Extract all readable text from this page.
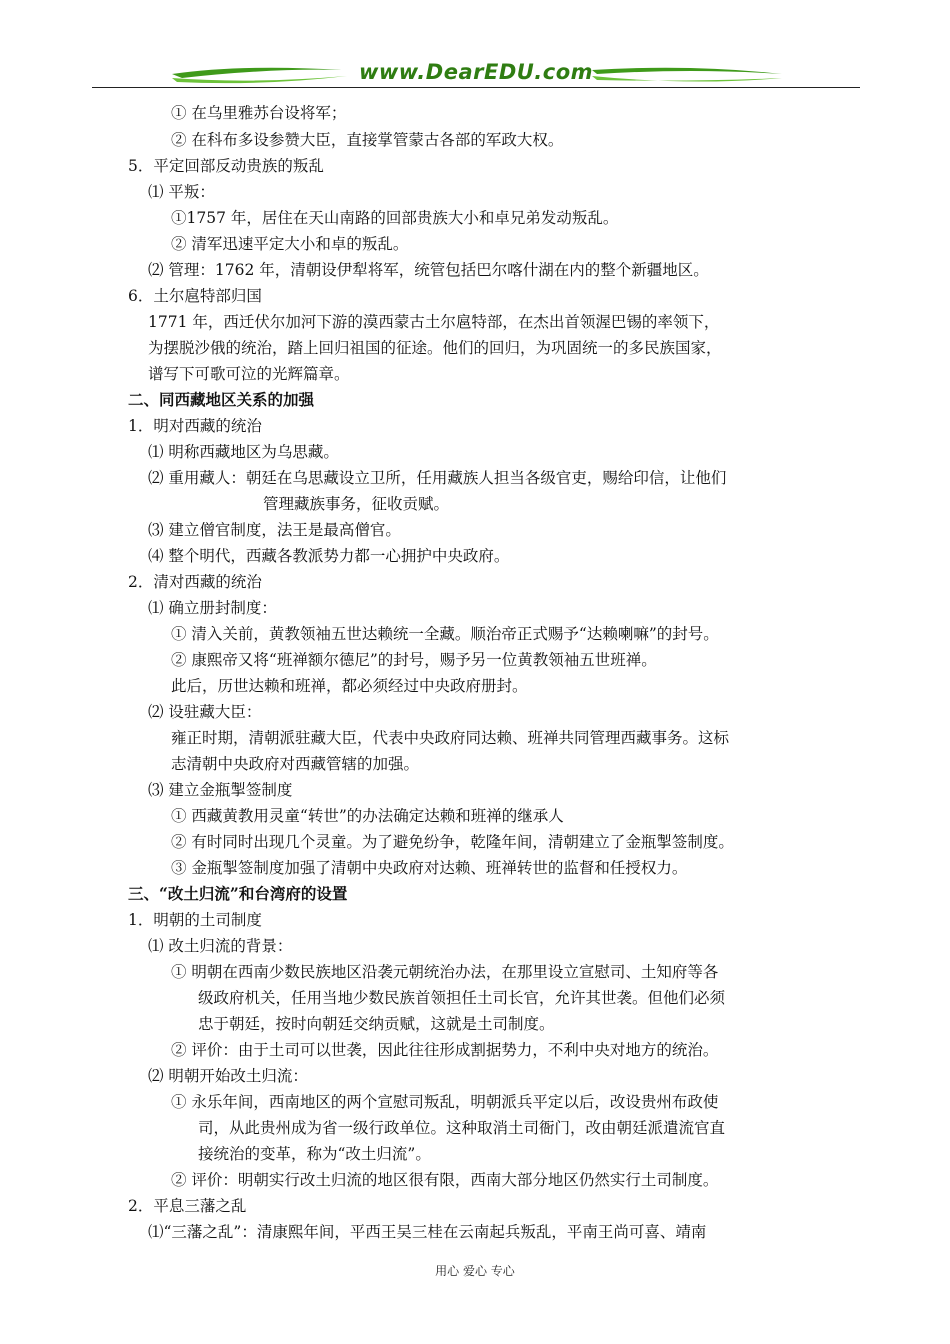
www.DearEDU.com
① 在乌里雅苏台设将军；
② 在科布多设参赞大臣，直接掌管蒙古各部的军政大权。
5．平定回部反动贵族的叛乱
⑴ 平叛：
①1757 年，居住在天山南路的回部贵族大小和卓兄弟发动叛乱。
② 清军迅速平定大小和卓的叛乱。
⑵ 管理：1762 年，清朝设伊犁将军，统管包括巴尔喀什湖在内的整个新疆地区。
6．土尔扈特部归国
1771 年，西迁伏尔加河下游的漠西蒙古土尔扈特部，在杰出首领渥巴锡的率领下，
为摆脱沙俄的统治，踏上回归祖国的征途。他们的回归，为巩固统一的多民族国家，
谱写下可歌可泣的光辉篇章。
二、同西藏地区关系的加强
1．明对西藏的统治
⑴ 明称西藏地区为乌思藏。
⑵ 重用藏人：朝廷在乌思藏设立卫所，任用藏族人担当各级官吏，赐给印信，让他们
管理藏族事务，征收贡赋。
⑶ 建立僧官制度，法王是最高僧官。
⑷ 整个明代，西藏各教派势力都一心拥护中央政府。
2．清对西藏的统治
⑴ 确立册封制度：
① 清入关前，黄教领袖五世达赖统一全藏。顺治帝正式赐予“达赖喇嘛”的封号。
② 康熙帝又将“班禅额尔德尼”的封号，赐予另一位黄教领袖五世班禅。
此后，历世达赖和班禅，都必须经过中央政府册封。
⑵ 设驻藏大臣：
雍正时期，清朝派驻藏大臣，代表中央政府同达赖、班禅共同管理西藏事务。这标
志清朝中央政府对西藏管辖的加强。
⑶ 建立金瓶掣签制度
① 西藏黄教用灵童“转世”的办法确定达赖和班禅的继承人
② 有时同时出现几个灵童。为了避免纷争，乾隆年间，清朝建立了金瓶掣签制度。
③ 金瓶掣签制度加强了清朝中央政府对达赖、班禅转世的监督和任授权力。
三、“改土归流”和台湾府的设置
1．明朝的土司制度
⑴ 改土归流的背景：
① 明朝在西南少数民族地区沿袭元朝统治办法，在那里设立宣慰司、土知府等各
级政府机关，任用当地少数民族首领担任土司长官，允许其世袭。但他们必须
忠于朝廷，按时向朝廷交纳贡赋，这就是土司制度。
② 评价：由于土司可以世袭，因此往往形成割据势力，不利中央对地方的统治。
⑵ 明朝开始改土归流：
① 永乐年间，西南地区的两个宣慰司叛乱，明朝派兵平定以后，改设贵州布政使
司，从此贵州成为省一级行政单位。这种取消土司衙门，改由朝廷派遣流官直
接统治的变革，称为“改土归流”。
② 评价：明朝实行改土归流的地区很有限，西南大部分地区仍然实行土司制度。
2．平息三藩之乱
⑴“三藩之乱”：清康熙年间，平西王吴三桂在云南起兵叛乱，平南王尚可喜、靖南
用心 爱心 专心
